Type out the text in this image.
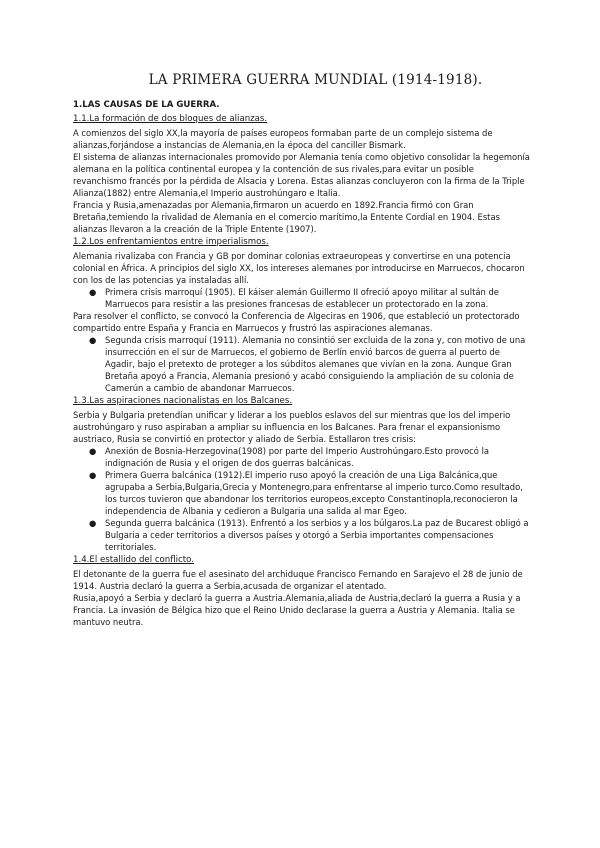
LA PRIMERA GUERRA MUNDIAL (1914-1918).
1.LAS CAUSAS DE LA GUERRA.
1.1.La formación de dos bloques de alianzas.

A comienzos del siglo XX,la mayoría de países europeos formaban parte de un complejo sistema de alianzas,forjándose a instancias de Alemania,en la época del canciller Bismark.

El sistema de alianzas internacionales promovido por Alemania tenía como objetivo consolidar la hegemonía alemana en la política continental europea y la contención de sus rivales,para evitar un posible revanchismo francés por la pérdida de Alsacia y Lorena. Estas alianzas concluyeron con la firma de la Triple Alianza(1882) entre Alemania,el Imperio austrohúngaro e Italia.

Francia y Rusia,amenazadas por Alemania,firmaron un acuerdo en 1892.Francia firmó con Gran Bretaña,temiendo la rivalidad de Alemania en el comercio marítimo,la Entente Cordial en 1904. Estas alianzas llevaron a la creación de la Triple Entente (1907).

1.2.Los enfrentamientos entre imperialismos.

Alemania rivalizaba con Francia y GB por dominar colonias extraeuropeas y convertirse en una potencia colonial en África. A principios del siglo XX, los intereses alemanes por introducirse en Marruecos, chocaron con los de las potencias ya instaladas allí.

● Primera crisis marroquí (1905). El káiser alemán Guillermo II ofreció apoyo militar al sultán de Marruecos para resistir a las presiones francesas de establecer un protectorado en la zona.

Para resolver el conflicto, se convocó la Conferencia de Algeciras en 1906, que estableció un protectorado compartido entre España y Francia en Marruecos y frustró las aspiraciones alemanas.

● Segunda crisis marroquí (1911). Alemania no consintió ser excluida de la zona y, con motivo de una insurrección en el sur de Marruecos, el gobierno de Berlín envió barcos de guerra al puerto de Agadir, bajo el pretexto de proteger a los súbditos alemanes que vivían en la zona. Aunque Gran Bretaña apoyó a Francia, Alemania presionó y acabó consiguiendo la ampliación de su colonia de Camerún a cambio de abandonar Marruecos.
1.3.Las aspiraciones nacionalistas en los Balcanes.

Serbia y Bulgaria pretendían unificar y liderar a los pueblos eslavos del sur mientras que los del imperio austrohúngaro y ruso aspiraban a ampliar su influencia en los Balcanes. Para frenar el expansionismo austriaco, Rusia se convirtió en protector y aliado de Serbia. Estallaron tres crisis:

● Anexión de Bosnia-Herzegovina(1908) por parte del Imperio Austrohúngaro.Esto provocó la indignación de Rusia y el origen de dos guerras balcánicas.
● Primera Guerra balcánica (1912).El imperio ruso apoyó la creación de una Liga Balcánica,que agrupaba a Serbia,Bulgaria,Grecia y Montenegro,para enfrentarse al imperio turco.Como resultado, los turcos tuvieron que abandonar los territorios europeos,excepto Constantinopla,reconocieron la independencia de Albania y cedieron a Bulgaria una salida al mar Egeo.
● Segunda guerra balcánica (1913). Enfrentó a los serbios y a los búlgaros.La paz de Bucarest obligó a Bulgaria a ceder territorios a diversos países y otorgó a Serbia importantes compensaciones territoriales.
1.4.El estallido del conflicto.

El detonante de la guerra fue el asesinato del archiduque Francisco Fernando en Sarajevo el 28 de junio de 1914. Austria declaró la guerra a Serbia,acusada de organizar el atentado.

Rusia,apoyó a Serbia y declaró la guerra a Austria.Alemania,aliada de Austria,declaró la guerra a Rusia y a Francia. La invasión de Bélgica hizo que el Reino Unido declarase la guerra a Austria y Alemania. Italia se mantuvo neutra.
